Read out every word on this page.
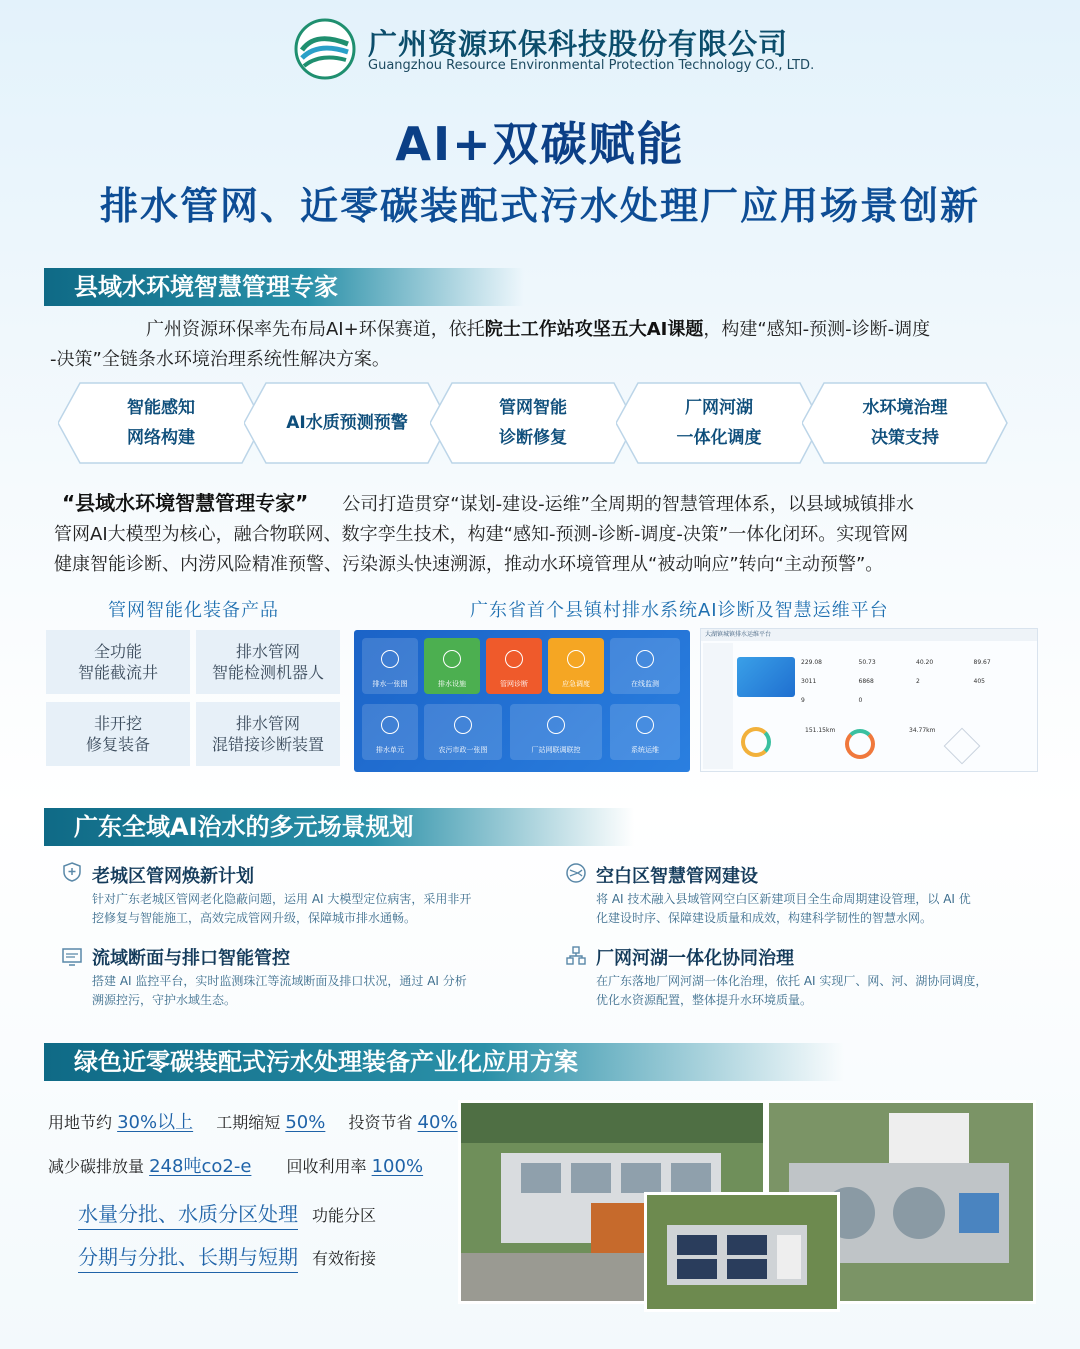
广州资源环保科技股份有限公司
Guangzhou Resource Environmental Protection Technology CO., LTD.
AI+双碳赋能
排水管网、近零碳装配式污水处理厂应用场景创新
县域水环境智慧管理专家
广州资源环保率先布局AI+环保赛道，依托院士工作站攻坚五大AI课题，构建“感知-预测-诊断-调度
-决策”全链条水环境治理系统性解决方案。
智能感知
网络构建
AI水质预测预警
管网智能
诊断修复
厂网河湖
一体化调度
水环境治理
决策支持
“县域水环境智慧管理专家” 公司打造贯穿“谋划-建设-运维”全周期的智慧管理体系，以县域城镇排水
管网AI大模型为核心，融合物联网、数字孪生技术，构建“感知-预测-诊断-调度-决策”一体化闭环。实现管网
健康智能诊断、内涝风险精准预警、污染源头快速溯源，推动水环境管理从“被动响应”转向“主动预警”。
管网智能化装备产品	广东省首个县镇村排水系统AI诊断及智慧运维平台
全功能
智能截流井
排水管网
智能检测机器人
非开挖
修复装备
排水管网
混错接诊断装置
排水一张图	排水设施	管网诊断	应急调度	在线监测
排水单元	农污市政一张图	厂站网联调联控	系统运维
大湖镇城镇排水运维平台
229.08	50.73	40.20	89.67
3011	6868	2	405
9	0
151.15km	34.77km
广东全域AI治水的多元场景规划
老城区管网焕新计划
针对广东老城区管网老化隐蔽问题，运用 AI 大模型定位病害，采用非开
挖修复与智能施工，高效完成管网升级，保障城市排水通畅。
空白区智慧管网建设
将 AI 技术融入县域管网空白区新建项目全生命周期建设管理，以 AI 优
化建设时序、保障建设质量和成效，构建科学韧性的智慧水网。
流域断面与排口智能管控
搭建 AI 监控平台，实时监测珠江等流域断面及排口状况，通过 AI 分析
溯源控污，守护水域生态。
厂网河湖一体化协同治理
在广东落地厂网河湖一体化治理，依托 AI 实现厂、网、河、湖协同调度，
优化水资源配置，整体提升水环境质量。
绿色近零碳装配式污水处理装备产业化应用方案
用地节约 30%以上 工期缩短 50% 投资节省 40%
减少碳排放量 248吨co2-e 回收利用率 100%
水量分批、水质分区处理 功能分区
分期与分批、长期与短期 有效衔接
